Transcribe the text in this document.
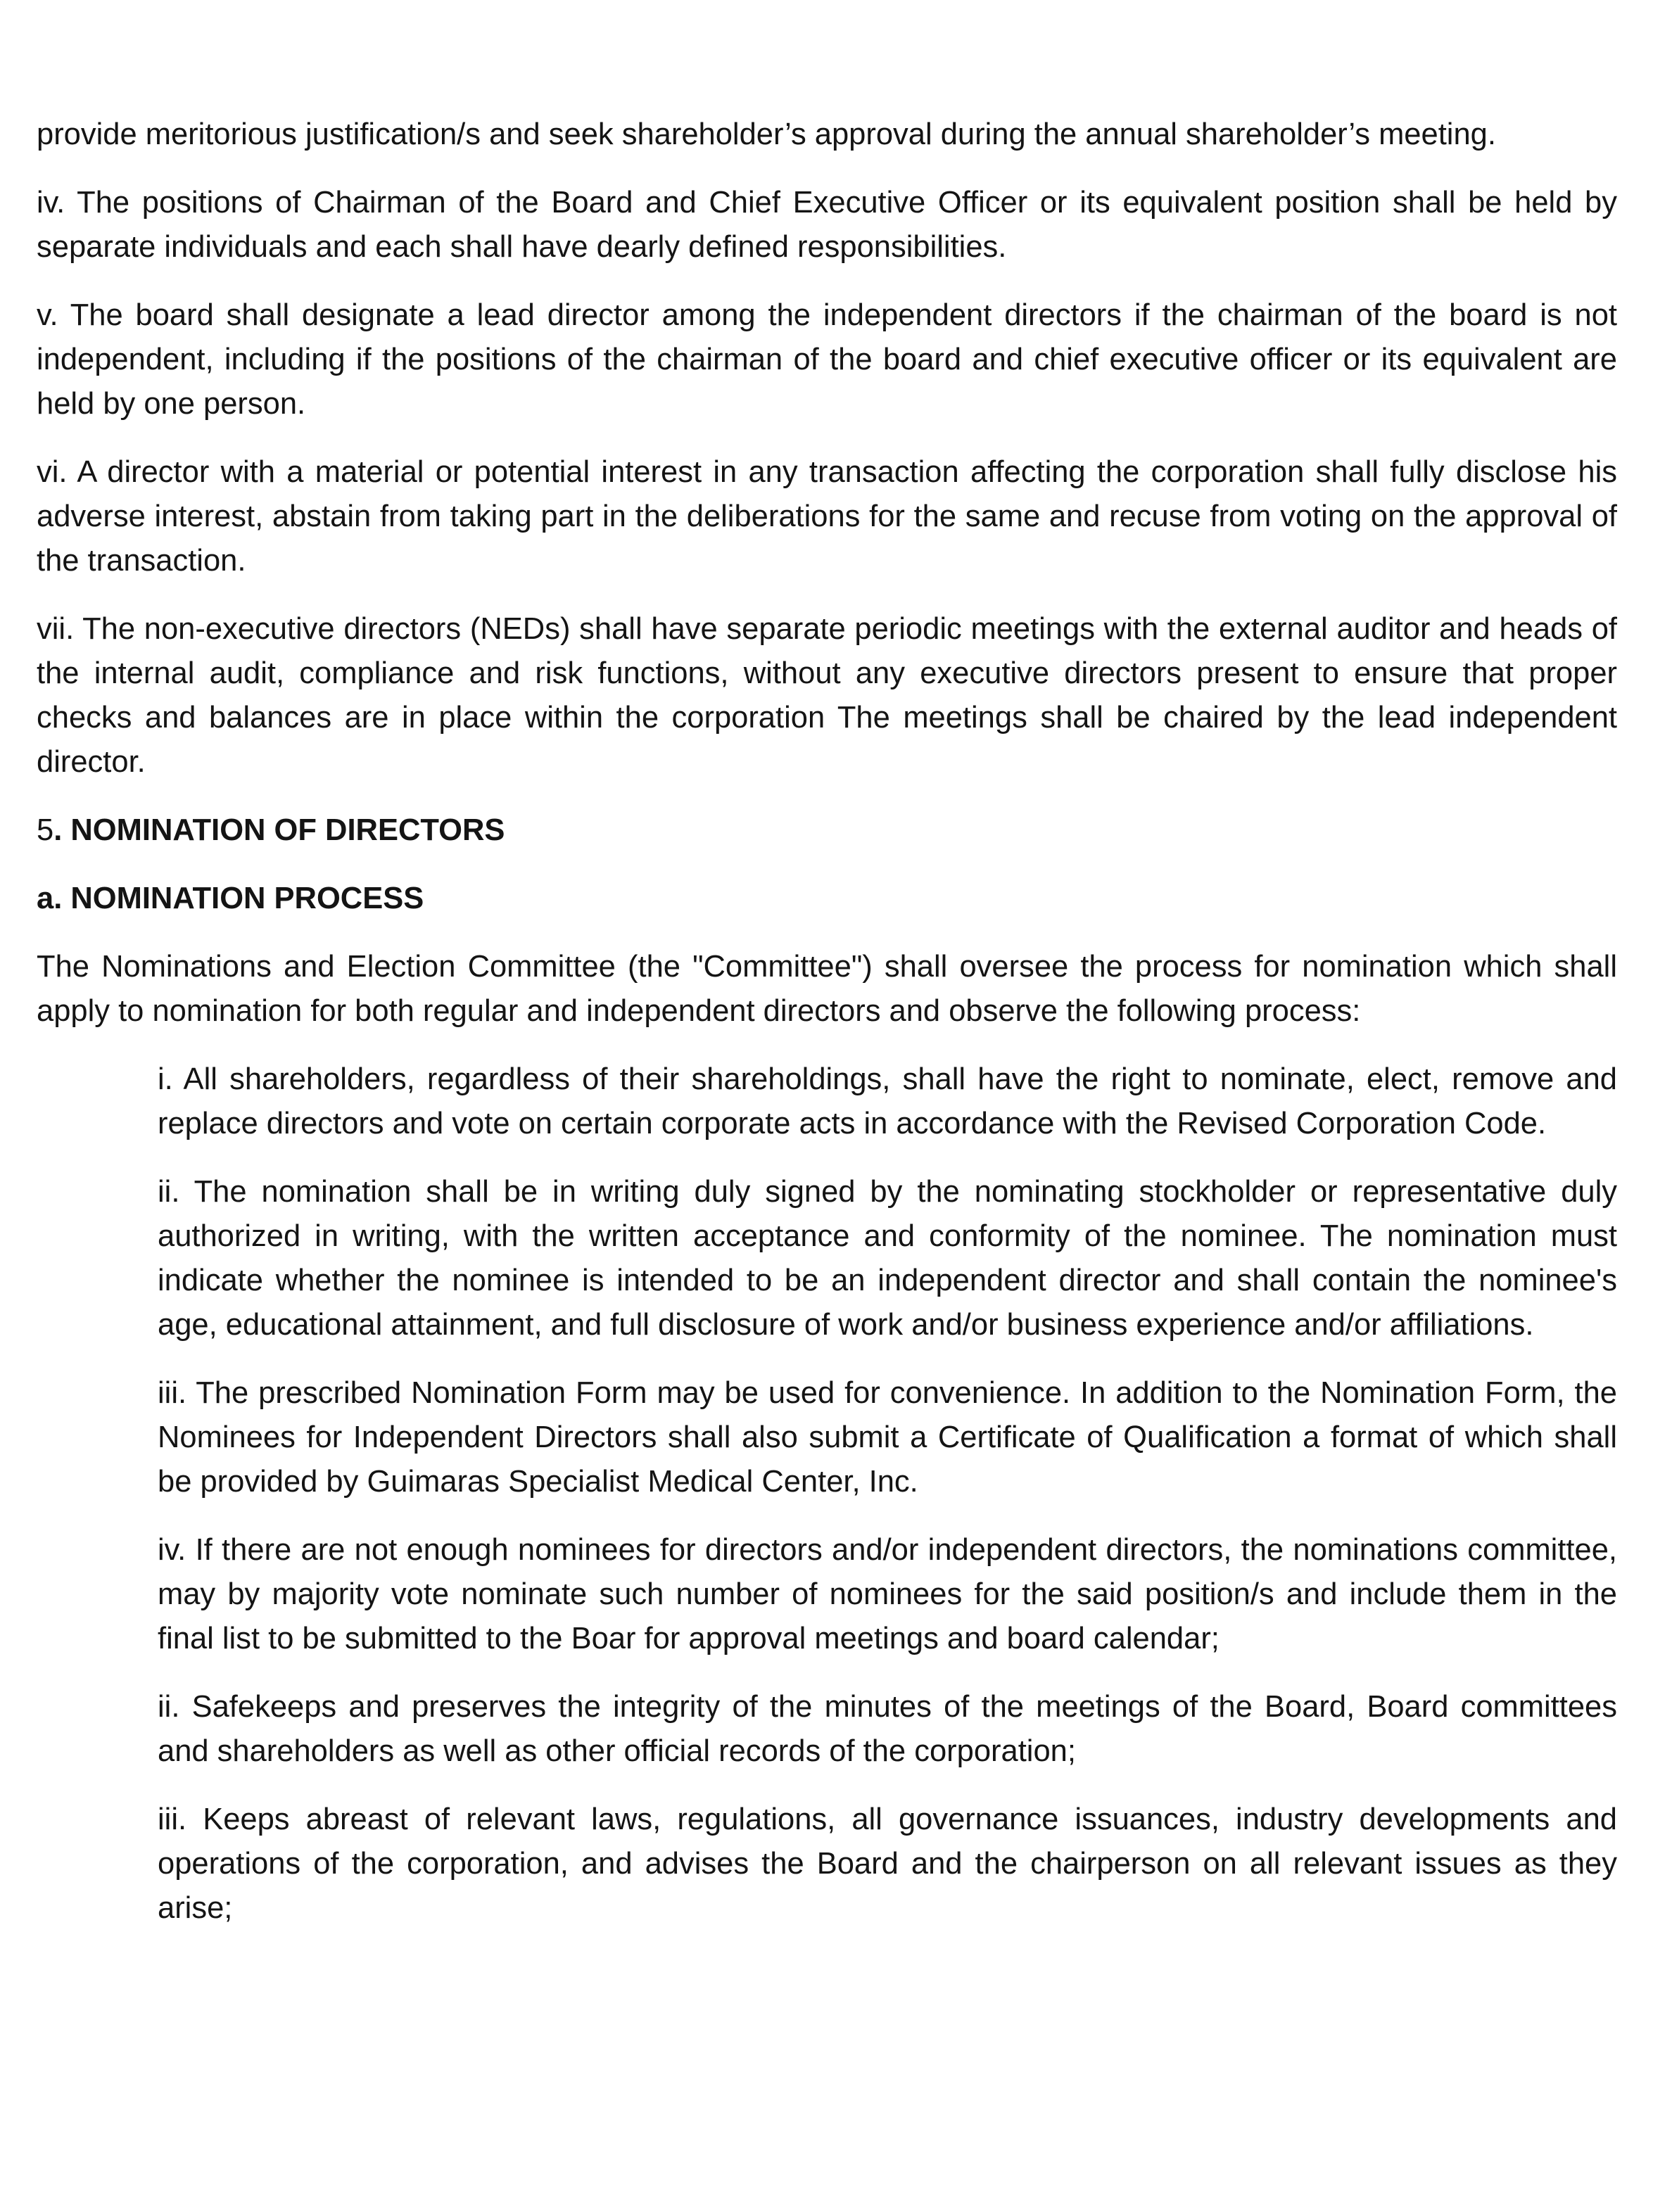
provide meritorious justification/s and seek shareholder’s approval during the annual shareholder’s meeting.

iv. The positions of Chairman of the Board and Chief Executive Officer or its equivalent position shall be held by separate individuals and each shall have dearly defined responsibilities.

v. The board shall designate a lead director among the independent directors if the chairman of the board is not independent, including if the positions of the chairman of the board and chief executive officer or its equivalent are held by one person.

vi. A director with a material or potential interest in any transaction affecting the corporation shall fully disclose his adverse interest, abstain from taking part in the deliberations for the same and recuse from voting on the approval of the transaction.

vii. The non-executive directors (NEDs) shall have separate periodic meetings with the external auditor and heads of the internal audit, compliance and risk functions, without any executive directors present to ensure that proper checks and balances are in place within the corporation The meetings shall be chaired by the lead independent director.

5. NOMINATION OF DIRECTORS
a. NOMINATION PROCESS

The Nominations and Election Committee (the "Committee") shall oversee the process for nomination which shall apply to nomination for both regular and independent directors and observe the following process:

i. All shareholders, regardless of their shareholdings, shall have the right to nominate, elect, remove and replace directors and vote on certain corporate acts in accordance with the Revised Corporation Code.

ii. The nomination shall be in writing duly signed by the nominating stockholder or representative duly authorized in writing, with the written acceptance and conformity of the nominee. The nomination must indicate whether the nominee is intended to be an independent director and shall contain the nominee's age, educational attainment, and full disclosure of work and/or business experience and/or affiliations.

iii. The prescribed Nomination Form may be used for convenience. In addition to the Nomination Form, the Nominees for Independent Directors shall also submit a Certificate of Qualification a format of which shall be provided by Guimaras Specialist Medical Center, Inc.

iv. If there are not enough nominees for directors and/or independent directors, the nominations committee, may by majority vote nominate such number of nominees for the said position/s and include them in the final list to be submitted to the Boar for approval meetings and board calendar;

ii. Safekeeps and preserves the integrity of the minutes of the meetings of the Board, Board committees and shareholders as well as other official records of the corporation;

iii. Keeps abreast of relevant laws, regulations, all governance issuances, industry developments and operations of the corporation, and advises the Board and the chairperson on all relevant issues as they arise;
